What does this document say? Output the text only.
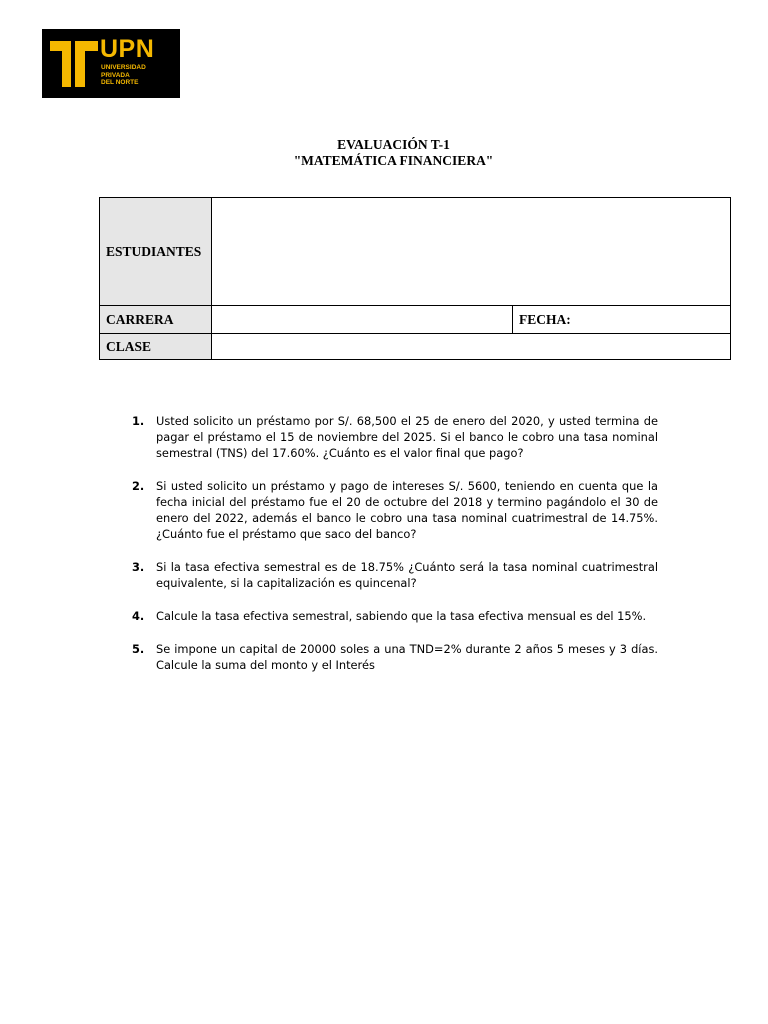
UPN
UNIVERSIDAD
PRIVADA
DEL NORTE
EVALUACIÓN T-1
"MATEMÁTICA FINANCIERA"
ESTUDIANTES		
CARRERA		FECHA:
CLASE		
1. Usted solicito un préstamo por S/. 68,500 el 25 de enero del 2020, y usted termina de pagar el préstamo el 15 de noviembre del 2025. Si el banco le cobro una tasa nominal semestral (TNS) del 17.60%. ¿Cuánto es el valor final que pago?
2. Si usted solicito un préstamo y pago de intereses S/. 5600, teniendo en cuenta que la fecha inicial del préstamo fue el 20 de octubre del 2018 y termino pagándolo el 30 de enero del 2022, además el banco le cobro una tasa nominal cuatrimestral de 14.75%. ¿Cuánto fue el préstamo que saco del banco?
3. Si la tasa efectiva semestral es de 18.75% ¿Cuánto será la tasa nominal cuatrimestral equivalente, si la capitalización es quincenal?
4. Calcule la tasa efectiva semestral, sabiendo que la tasa efectiva mensual es del 15%.
5. Se impone un capital de 20000 soles a una TND=2% durante 2 años 5 meses y 3 días. Calcule la suma del monto y el Interés
